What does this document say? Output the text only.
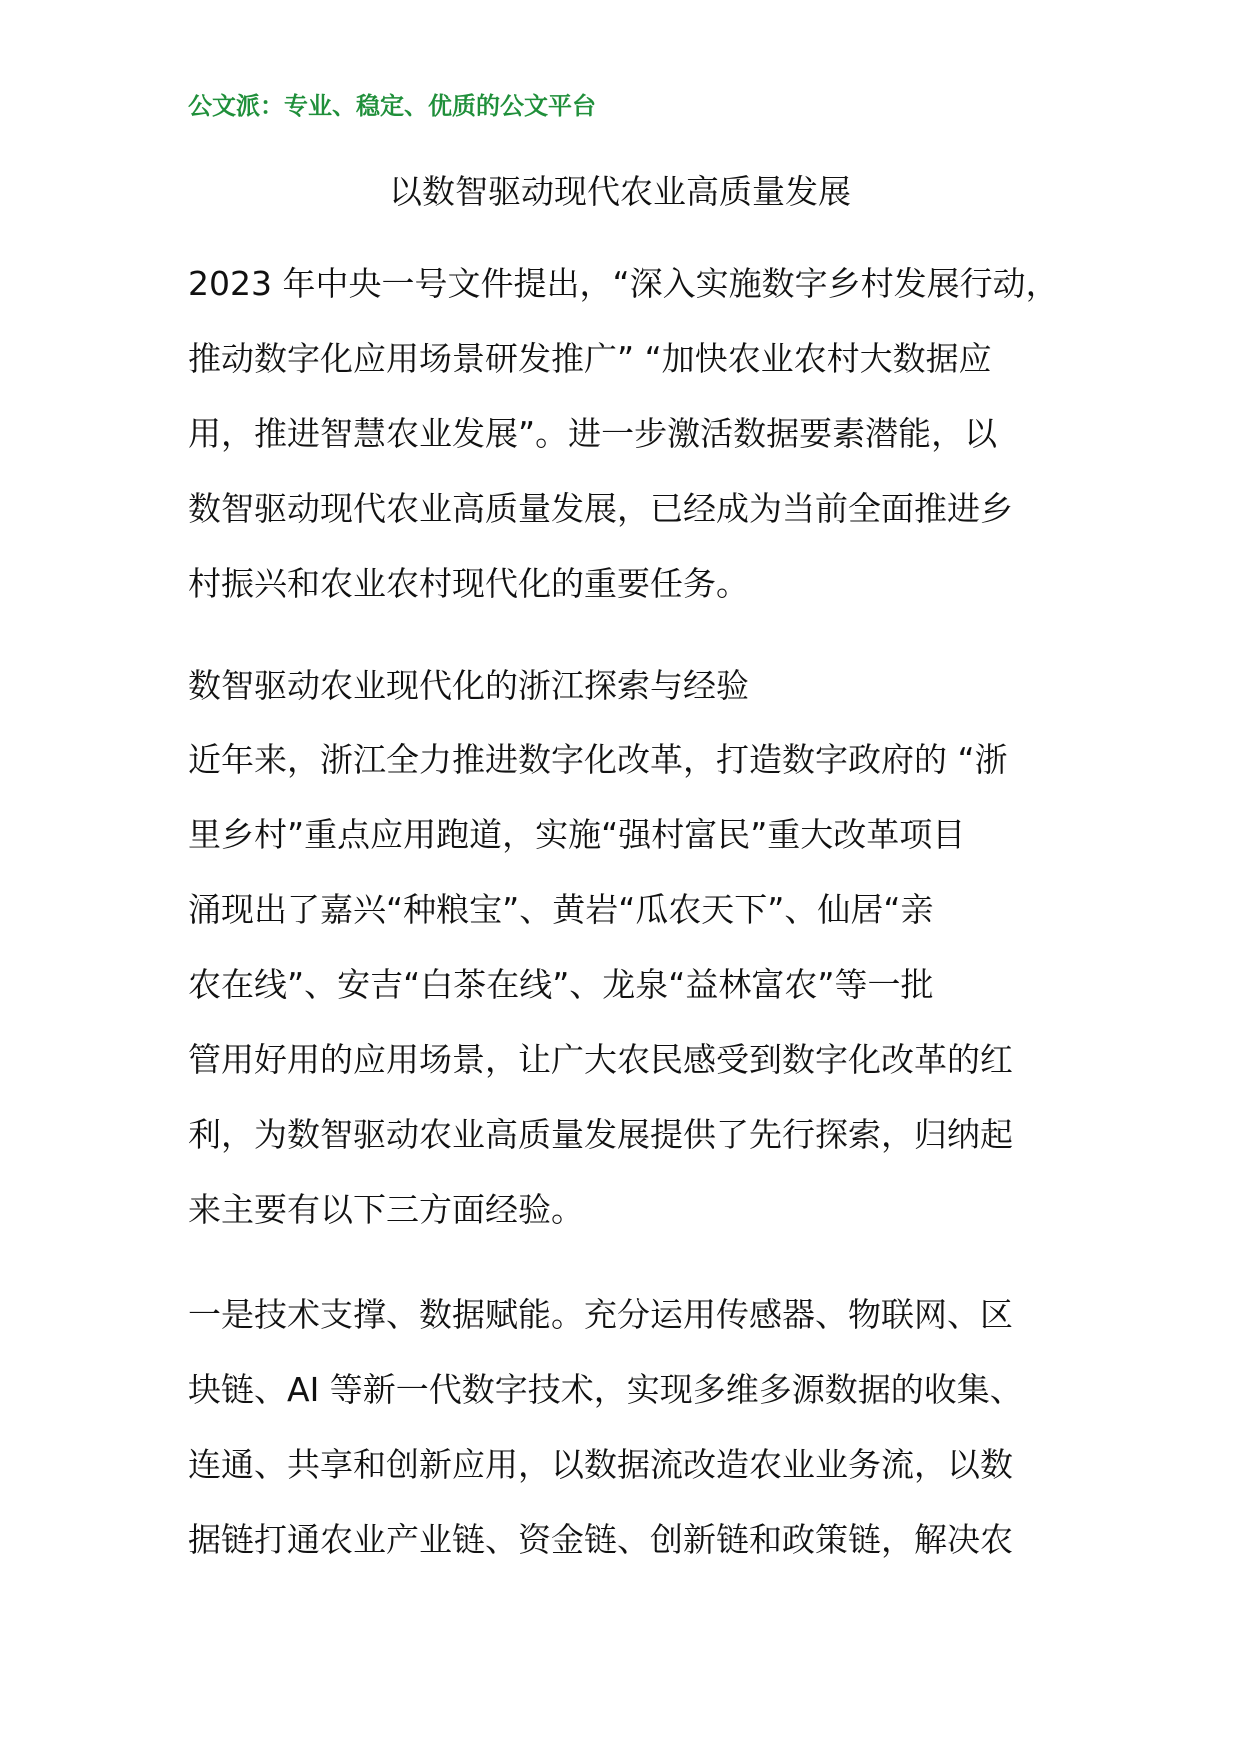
公文派：专业、稳定、优质的公文平台
以数智驱动现代农业高质量发展
2023 年中央一号文件提出，“深入实施数字乡村发展行动，
推动数字化应用场景研发推广” “加快农业农村大数据应
用，推进智慧农业发展”。进一步激活数据要素潜能，以
数智驱动现代农业高质量发展，已经成为当前全面推进乡
村振兴和农业农村现代化的重要任务。
数智驱动农业现代化的浙江探索与经验
近年来，浙江全力推进数字化改革，打造数字政府的 “浙
里乡村”重点应用跑道，实施“强村富民”重大改革项目
涌现出了嘉兴“种粮宝”、黄岩“瓜农天下”、仙居“亲
农在线”、安吉“白茶在线”、龙泉“益林富农”等一批
管用好用的应用场景，让广大农民感受到数字化改革的红
利，为数智驱动农业高质量发展提供了先行探索，归纳起
来主要有以下三方面经验。
一是技术支撑、数据赋能。充分运用传感器、物联网、区
块链、AI 等新一代数字技术，实现多维多源数据的收集、
连通、共享和创新应用，以数据流改造农业业务流，以数
据链打通农业产业链、资金链、创新链和政策链，解决农
